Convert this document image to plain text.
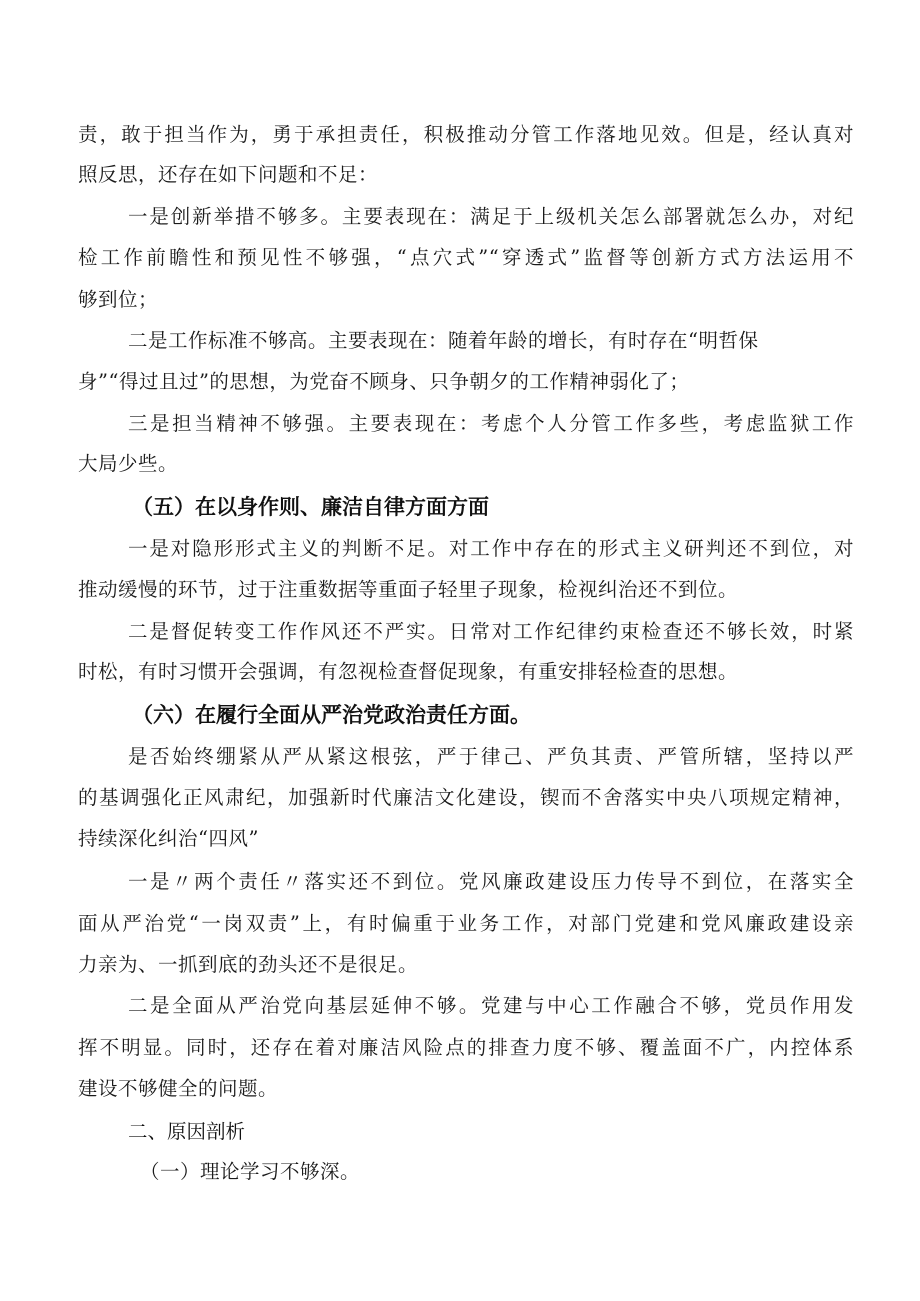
责，敢于担当作为，勇于承担责任，积极推动分管工作落地见效。但是，经认真对
照反思，还存在如下问题和不足：
一是创新举措不够多。主要表现在：满足于上级机关怎么部署就怎么办，对纪
检工作前瞻性和预见性不够强，“点穴式”“穿透式”监督等创新方式方法运用不
够到位；
二是工作标准不够高。主要表现在：随着年龄的增长，有时存在“明哲保
身”“得过且过”的思想，为党奋不顾身、只争朝夕的工作精神弱化了；
三是担当精神不够强。主要表现在：考虑个人分管工作多些，考虑监狱工作
大局少些。
（五）在以身作则、廉洁自律方面方面
一是对隐形形式主义的判断不足。对工作中存在的形式主义研判还不到位，对
推动缓慢的环节，过于注重数据等重面子轻里子现象，检视纠治还不到位。
二是督促转变工作作风还不严实。日常对工作纪律约束检查还不够长效，时紧
时松，有时习惯开会强调，有忽视检查督促现象，有重安排轻检查的思想。
（六）在履行全面从严治党政治责任方面。
是否始终绷紧从严从紧这根弦，严于律己、严负其责、严管所辖，坚持以严
的基调强化正风肃纪，加强新时代廉洁文化建设，锲而不舍落实中央八项规定精神，
持续深化纠治“四风”
一是〃两个责任〃落实还不到位。党风廉政建设压力传导不到位，在落实全
面从严治党“一岗双责”上，有时偏重于业务工作，对部门党建和党风廉政建设亲
力亲为、一抓到底的劲头还不是很足。
二是全面从严治党向基层延伸不够。党建与中心工作融合不够，党员作用发
挥不明显。同时，还存在着对廉洁风险点的排查力度不够、覆盖面不广，内控体系
建设不够健全的问题。
二、原因剖析
（一）理论学习不够深。
